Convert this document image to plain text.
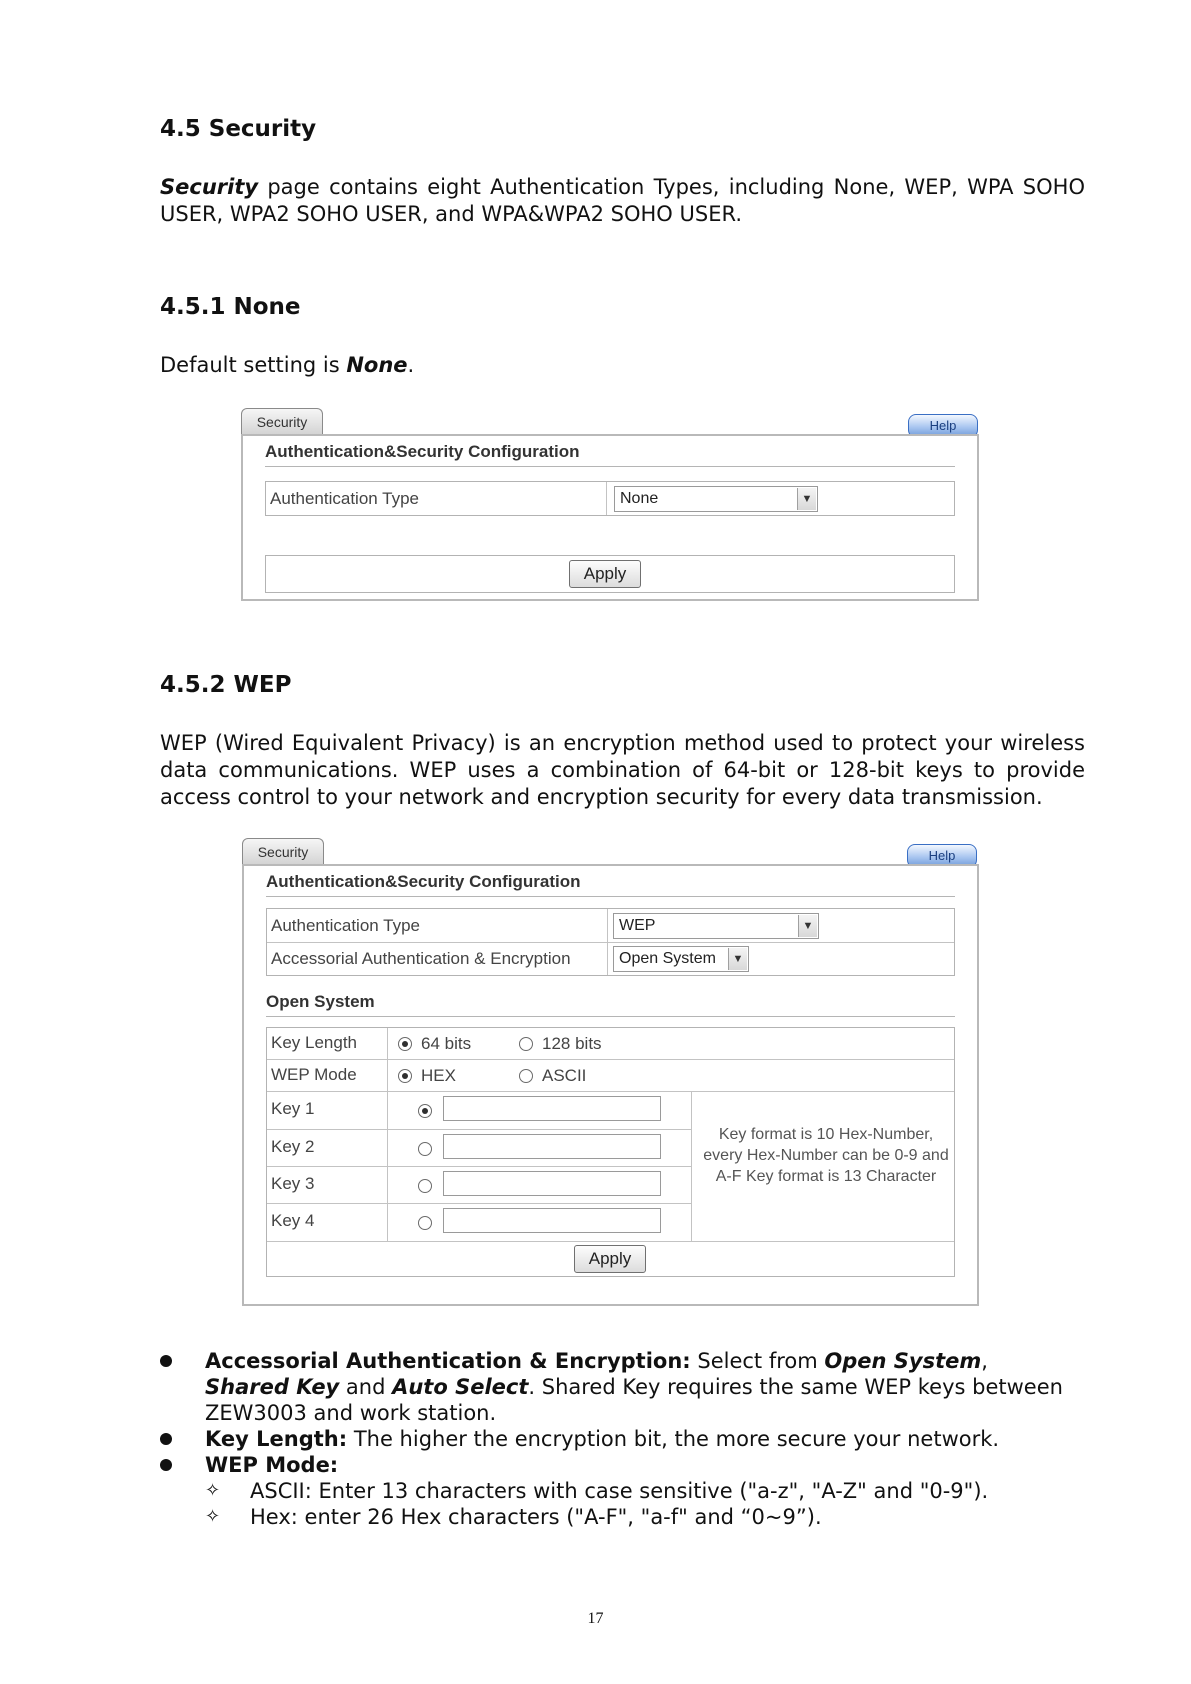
4.5 Security
Security page contains eight Authentication Types, including None, WEP, WPA SOHO USER, WPA2 SOHO USER, and WPA&WPA2 SOHO USER.
4.5.1 None
Default setting is None.
Security	Help
Authentication&Security Configuration
Authentication Type	None	▼
Apply
4.5.2 WEP
WEP (Wired Equivalent Privacy) is an encryption method used to protect your wireless data communications. WEP uses a combination of 64-bit or 128-bit keys to provide access control to your network and encryption security for every data transmission.
Security	Help
Authentication&Security Configuration
Authentication Type	WEP	▼
Accessorial Authentication & Encryption	Open System	▼
Open System
Key Length	64 bits	128 bits
WEP Mode	HEX	ASCII
Key 1
Key 2
Key 3
Key 4
Key format is 10 Hex-Number, every Hex-Number can be 0-9 and A-F Key format is 13 Character
Apply
Accessorial Authentication & Encryption: Select from Open System, Shared Key and Auto Select. Shared Key requires the same WEP keys between ZEW3003 and work station.
Key Length: The higher the encryption bit, the more secure your network.
WEP Mode:
✧ ASCII: Enter 13 characters with case sensitive ("a-z", "A-Z" and "0-9").
✧ Hex: enter 26 Hex characters ("A-F", "a-f" and “0~9”).
17
